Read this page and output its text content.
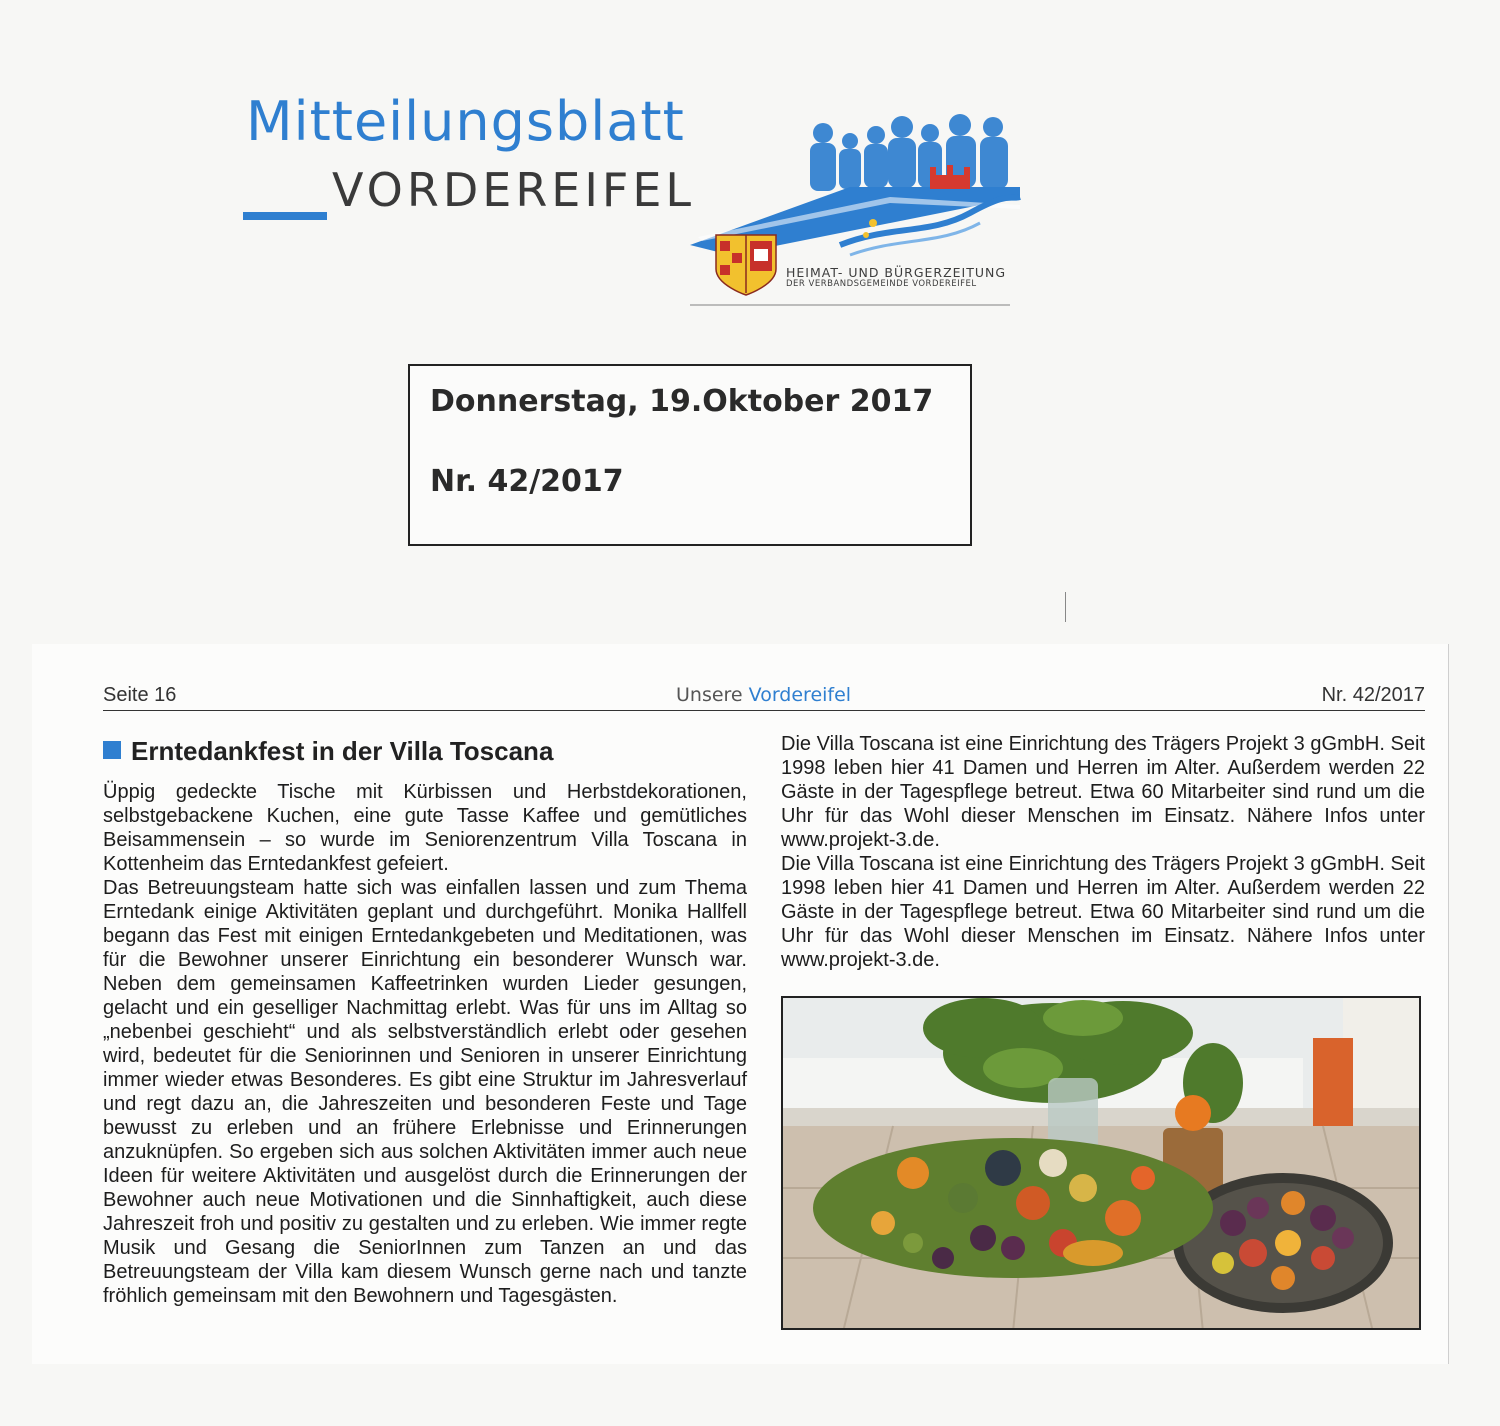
Mitteilungsblatt
VORDEREIFEL
HEIMAT- UND BÜRGERZEITUNG
DER VERBANDSGEMEINDE VORDEREIFEL

Donnerstag, 19.Oktober 2017

Nr. 42/2017

Seite 16	Unsere Vordereifel	Nr. 42/2017
Erntedankfest in der Villa Toscana

Üppig gedeckte Tische mit Kürbissen und Herbstdekorationen, selbstgebackene Kuchen, eine gute Tasse Kaffee und gemütliches Beisammensein – so wurde im Seniorenzentrum Villa Toscana in Kottenheim das Erntedankfest gefeiert.

Das Betreuungsteam hatte sich was einfallen lassen und zum Thema Erntedank einige Aktivitäten geplant und durchgeführt. Monika Hallfell begann das Fest mit einigen Erntedankgebeten und Meditationen, was für die Bewohner unserer Einrichtung ein besonderer Wunsch war. Neben dem gemeinsamen Kaffeetrinken wurden Lieder gesungen, gelacht und ein geselliger Nachmittag erlebt. Was für uns im Alltag so „nebenbei geschieht“ und als selbstverständlich erlebt oder gesehen wird, bedeutet für die Seniorinnen und Senioren in unserer Einrichtung immer wieder etwas Besonderes. Es gibt eine Struktur im Jahresverlauf und regt dazu an, die Jahreszeiten und besonderen Feste und Tage bewusst zu erleben und an frühere Erlebnisse und Erinnerungen anzuknüpfen. So ergeben sich aus solchen Aktivitäten immer auch neue Ideen für weitere Aktivitäten und ausgelöst durch die Erinnerungen der Bewohner auch neue Motivationen und die Sinnhaftigkeit, auch diese Jahreszeit froh und positiv zu gestalten und zu erleben. Wie immer regte Musik und Gesang die SeniorInnen zum Tanzen an und das Betreuungsteam der Villa kam diesem Wunsch gerne nach und tanzte fröhlich gemeinsam mit den Bewohnern und Tagesgästen.

Die Villa Toscana ist eine Einrichtung des Trägers Projekt 3 gGmbH. Seit 1998 leben hier 41 Damen und Herren im Alter. Außerdem werden 22 Gäste in der Tagespflege betreut. Etwa 60 Mitarbeiter sind rund um die Uhr für das Wohl dieser Menschen im Einsatz. Nähere Infos unter www.projekt-3.de.

Die Villa Toscana ist eine Einrichtung des Trägers Projekt 3 gGmbH. Seit 1998 leben hier 41 Damen und Herren im Alter. Außerdem werden 22 Gäste in der Tagespflege betreut. Etwa 60 Mitarbeiter sind rund um die Uhr für das Wohl dieser Menschen im Einsatz. Nähere Infos unter www.projekt-3.de.
